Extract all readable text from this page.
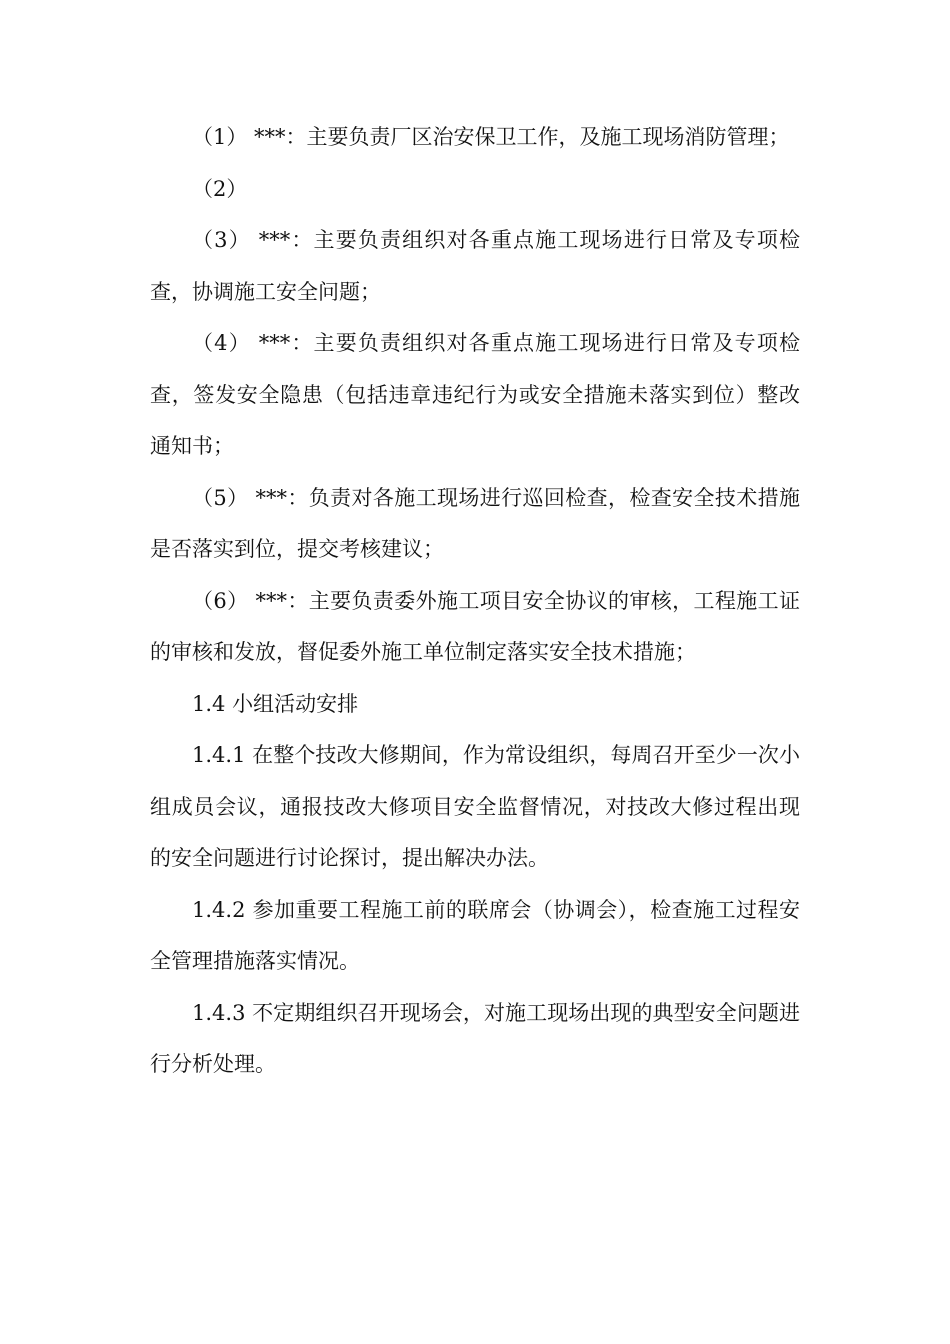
（1） ***：主要负责厂区治安保卫工作，及施工现场消防管理；

（2）

（3） ***：主要负责组织对各重点施工现场进行日常及专项检查，协调施工安全问题；

（4） ***：主要负责组织对各重点施工现场进行日常及专项检查，签发安全隐患（包括违章违纪行为或安全措施未落实到位）整改通知书；

（5） ***：负责对各施工现场进行巡回检查，检查安全技术措施是否落实到位，提交考核建议；

（6） ***：主要负责委外施工项目安全协议的审核，工程施工证的审核和发放，督促委外施工单位制定落实安全技术措施；

1.4 小组活动安排

1.4.1 在整个技改大修期间，作为常设组织，每周召开至少一次小组成员会议，通报技改大修项目安全监督情况，对技改大修过程出现的安全问题进行讨论探讨，提出解决办法。

1.4.2 参加重要工程施工前的联席会（协调会），检查施工过程安全管理措施落实情况。

1.4.3 不定期组织召开现场会，对施工现场出现的典型安全问题进行分析处理。
